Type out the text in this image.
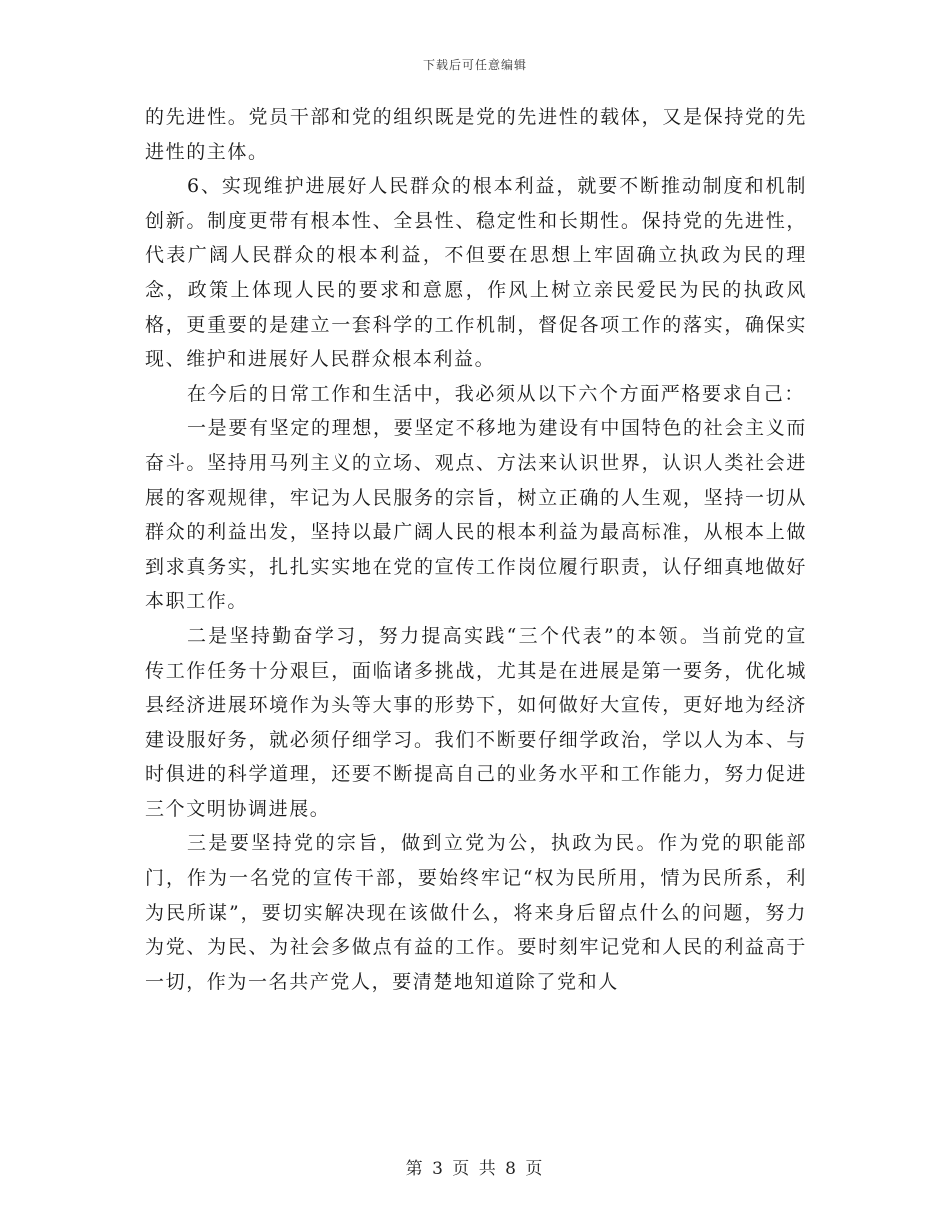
下载后可任意编辑

的先进性。党员干部和党的组织既是党的先进性的载体，又是保持党的先进性的主体。

6、实现维护进展好人民群众的根本利益，就要不断推动制度和机制创新。制度更带有根本性、全县性、稳定性和长期性。保持党的先进性，代表广阔人民群众的根本利益，不但要在思想上牢固确立执政为民的理念，政策上体现人民的要求和意愿，作风上树立亲民爱民为民的执政风格，更重要的是建立一套科学的工作机制，督促各项工作的落实，确保实现、维护和进展好人民群众根本利益。

在今后的日常工作和生活中，我必须从以下六个方面严格要求自己：

一是要有坚定的理想，要坚定不移地为建设有中国特色的社会主义而奋斗。坚持用马列主义的立场、观点、方法来认识世界，认识人类社会进展的客观规律，牢记为人民服务的宗旨，树立正确的人生观，坚持一切从群众的利益出发，坚持以最广阔人民的根本利益为最高标准，从根本上做到求真务实，扎扎实实地在党的宣传工作岗位履行职责，认仔细真地做好本职工作。

二是坚持勤奋学习，努力提高实践“三个代表”的本领。当前党的宣传工作任务十分艰巨，面临诸多挑战，尤其是在进展是第一要务，优化城县经济进展环境作为头等大事的形势下，如何做好大宣传，更好地为经济建设服好务，就必须仔细学习。我们不断要仔细学政治，学以人为本、与时俱进的科学道理，还要不断提高自己的业务水平和工作能力，努力促进三个文明协调进展。

三是要坚持党的宗旨，做到立党为公，执政为民。作为党的职能部门，作为一名党的宣传干部，要始终牢记“权为民所用，情为民所系，利为民所谋”，要切实解决现在该做什么，将来身后留点什么的问题，努力为党、为民、为社会多做点有益的工作。要时刻牢记党和人民的利益高于一切，作为一名共产党人，要清楚地知道除了党和人

第 3 页 共 8 页
